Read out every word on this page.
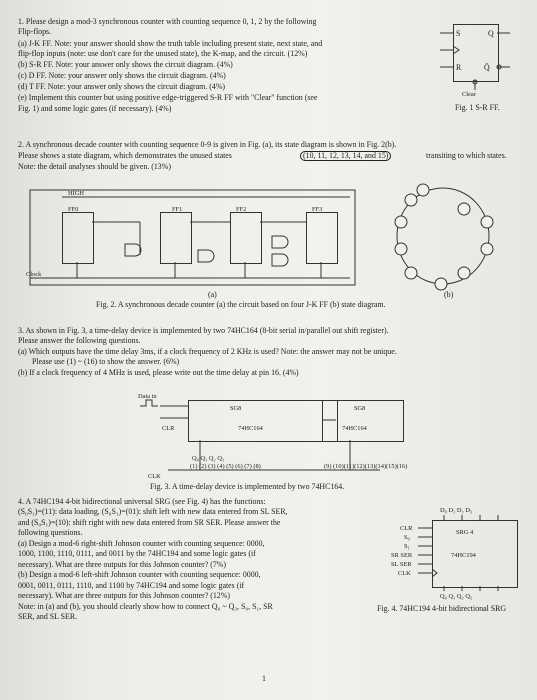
1. Please design a mod-3 synchronous counter with counting sequence 0, 1, 2 by the following
Flip-flops.
(a) J-K FF. Note: your answer should show the truth table including present state, next state, and
flip-flop inputs (note: use don't care for the unused state), the K-map, and the circuit. (12%)
(b) S-R FF. Note: your answer only shows the circuit diagram. (4%)
(c) D FF. Note: your answer only shows the circuit diagram. (4%)
(d) T FF. Note: your answer only shows the circuit diagram. (4%)
(e) Implement this counter but using positive edge-triggered S-R FF with "Clear" function (see
Fig. 1) and some logic gates (if necessary). (4%)
S	Q
R	Q̄
Clear
Fig. 1 S-R FF.
2. A synchronous decade counter with counting sequence 0-9 is given in Fig. (a), its state diagram is shown in Fig. 2(b).
Please shows a state diagram, which demonstrates the unused states	(10, 11, 12, 13, 14, and 15)	transiting to which states.
Note: the detail analyses should be given. (13%)
HIGH
FF0	FF1	FF2	FF3
Clock
(a)	(b)
Fig. 2. A synchronous decade counter (a) the circuit based on four J-K FF (b) state diagram.
3. As shown in Fig. 3, a time-delay device is implemented by two 74HC164 (8-bit serial in/parallel out shift register).
Please answer the following questions.
(a) Which outputs have the time delay 3ms, if a clock frequency of 2 KHz is used? Note: the answer may not be unique.
Please use (1) ~ (16) to show the answer. (6%)
(b) If a clock frequency of 4 MHz is used, please write out the time delay at pin 16. (4%)
Data in
SG8
74HC164
CLR
SG8
74HC164
Q₀ Q₁ Q₂ Q₃
(1) (2) (3) (4) (5) (6) (7) (8)	(9) (10)(11)(12)(13)(14)(15)(16)
CLK
Fig. 3. A time-delay device is implemented by two 74HC164.
4. A 74HC194 4-bit bidirectional universal SRG (see Fig. 4) has the functions:
(S₀S₁)=(11): data loading, (S₀S₁)=(01): shift left with new data entered from SL SER,
and (S₀S₁)=(10): shift right with new data entered from SR SER. Please answer the
following questions.
(a) Design a mod-6 right-shift Johnson counter with counting sequence: 0000,
1000, 1100, 1110, 0111, and 0011 by the 74HC194 and some logic gates (if
necessary). What are three outputs for this Johnson counter? (7%)
(b) Design a mod-6 left-shift Johnson counter with counting sequence: 0000,
0001, 0011, 0111, 1110, and 1100 by 74HC194 and some logic gates (if
necessary). What are three outputs for this Johnson counter? (12%)
Note: in (a) and (b), you should clearly show how to connect Q₀ ~ Q₃, S₀, S₁, SR
SER, and SL SER.
D₀ D₁ D₂ D₃
SRG 4
74HC194
CLR
S₀
S₁
SR SER
SL SER
CLK
Q₀ Q₁ Q₂ Q₃
Fig. 4. 74HC194 4-bit bidirectional SRG
1
